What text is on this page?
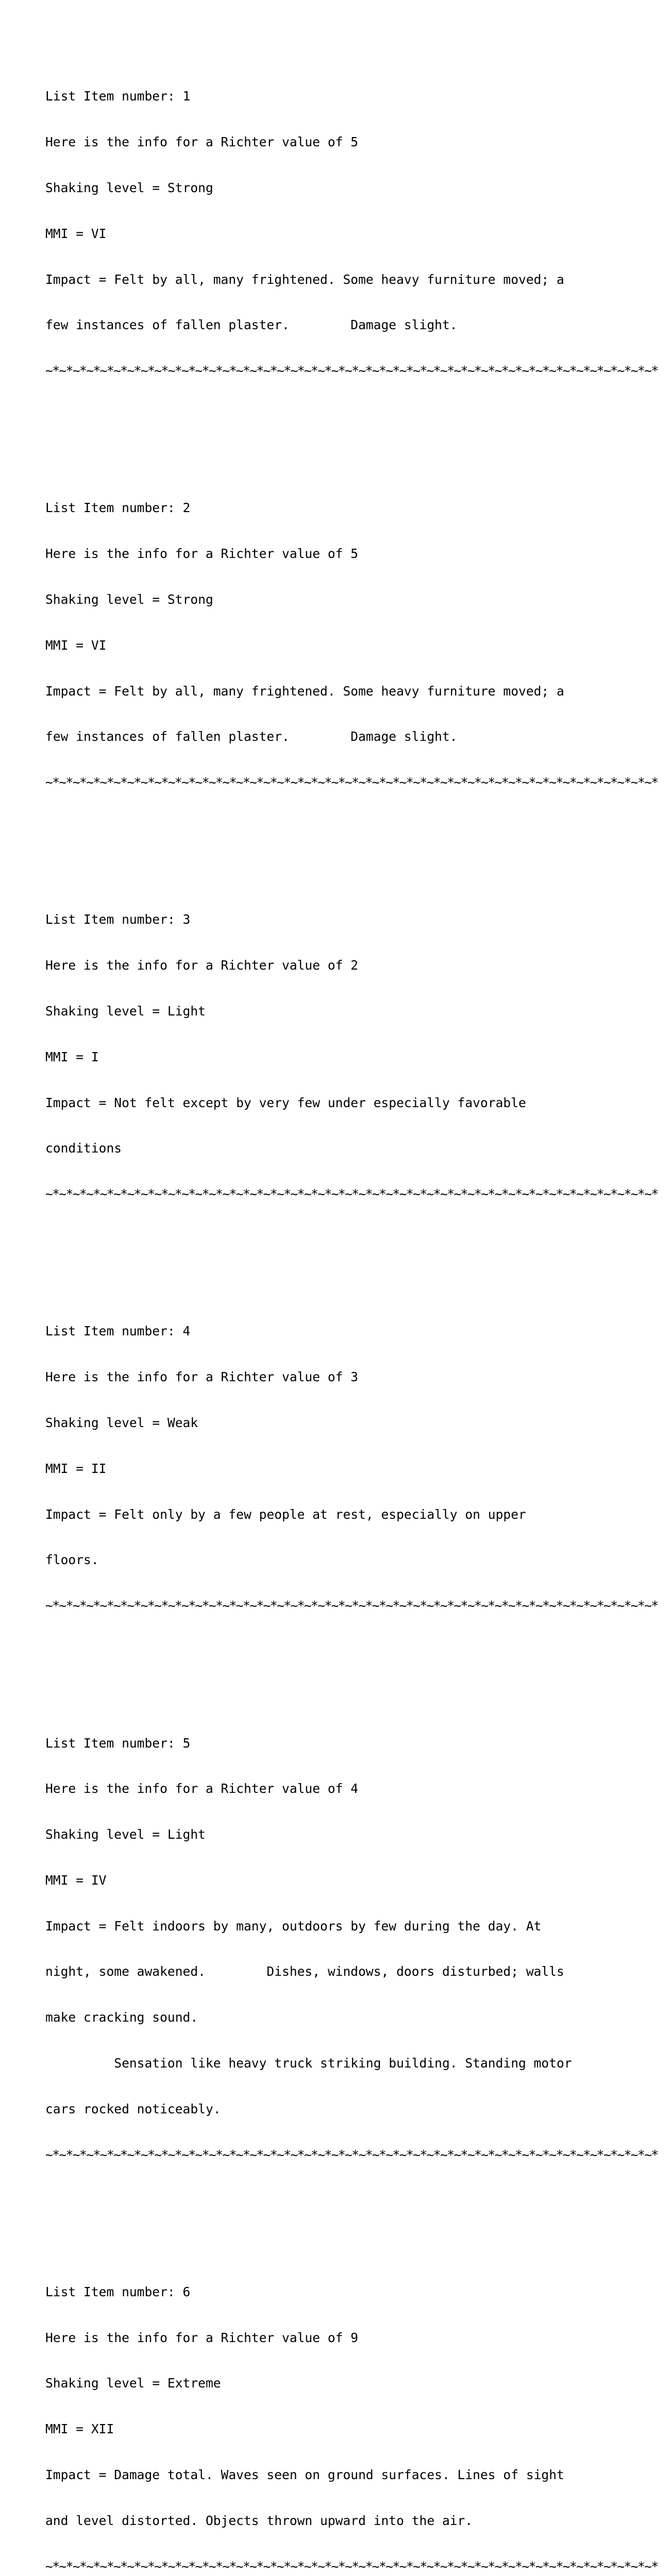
List Item number: 1

Here is the info for a Richter value of 5

Shaking level = Strong

MMI = VI

Impact = Felt by all, many frightened. Some heavy furniture moved; a

few instances of fallen plaster.        Damage slight.

~*~*~*~*~*~*~*~*~*~*~*~*~*~*~*~*~*~*~*~*~*~*~*~*~*~*~*~*~*~*~*~*~*~*~*~*~*~*~*~*~*~*~*~*~*

List Item number: 2

Here is the info for a Richter value of 5

Shaking level = Strong

MMI = VI

Impact = Felt by all, many frightened. Some heavy furniture moved; a

few instances of fallen plaster.        Damage slight.

~*~*~*~*~*~*~*~*~*~*~*~*~*~*~*~*~*~*~*~*~*~*~*~*~*~*~*~*~*~*~*~*~*~*~*~*~*~*~*~*~*~*~*~*~*

List Item number: 3

Here is the info for a Richter value of 2

Shaking level = Light

MMI = I

Impact = Not felt except by very few under especially favorable

conditions

~*~*~*~*~*~*~*~*~*~*~*~*~*~*~*~*~*~*~*~*~*~*~*~*~*~*~*~*~*~*~*~*~*~*~*~*~*~*~*~*~*~*~*~*~*

List Item number: 4

Here is the info for a Richter value of 3

Shaking level = Weak

MMI = II

Impact = Felt only by a few people at rest, especially on upper

floors.

~*~*~*~*~*~*~*~*~*~*~*~*~*~*~*~*~*~*~*~*~*~*~*~*~*~*~*~*~*~*~*~*~*~*~*~*~*~*~*~*~*~*~*~*~*

List Item number: 5

Here is the info for a Richter value of 4

Shaking level = Light

MMI = IV

Impact = Felt indoors by many, outdoors by few during the day. At

night, some awakened.        Dishes, windows, doors disturbed; walls

make cracking sound.

Sensation like heavy truck striking building. Standing motor

cars rocked noticeably.

~*~*~*~*~*~*~*~*~*~*~*~*~*~*~*~*~*~*~*~*~*~*~*~*~*~*~*~*~*~*~*~*~*~*~*~*~*~*~*~*~*~*~*~*~*

List Item number: 6

Here is the info for a Richter value of 9

Shaking level = Extreme

MMI = XII

Impact = Damage total. Waves seen on ground surfaces. Lines of sight

and level distorted. Objects thrown upward into the air.

~*~*~*~*~*~*~*~*~*~*~*~*~*~*~*~*~*~*~*~*~*~*~*~*~*~*~*~*~*~*~*~*~*~*~*~*~*~*~*~*~*~*~*~*~*
